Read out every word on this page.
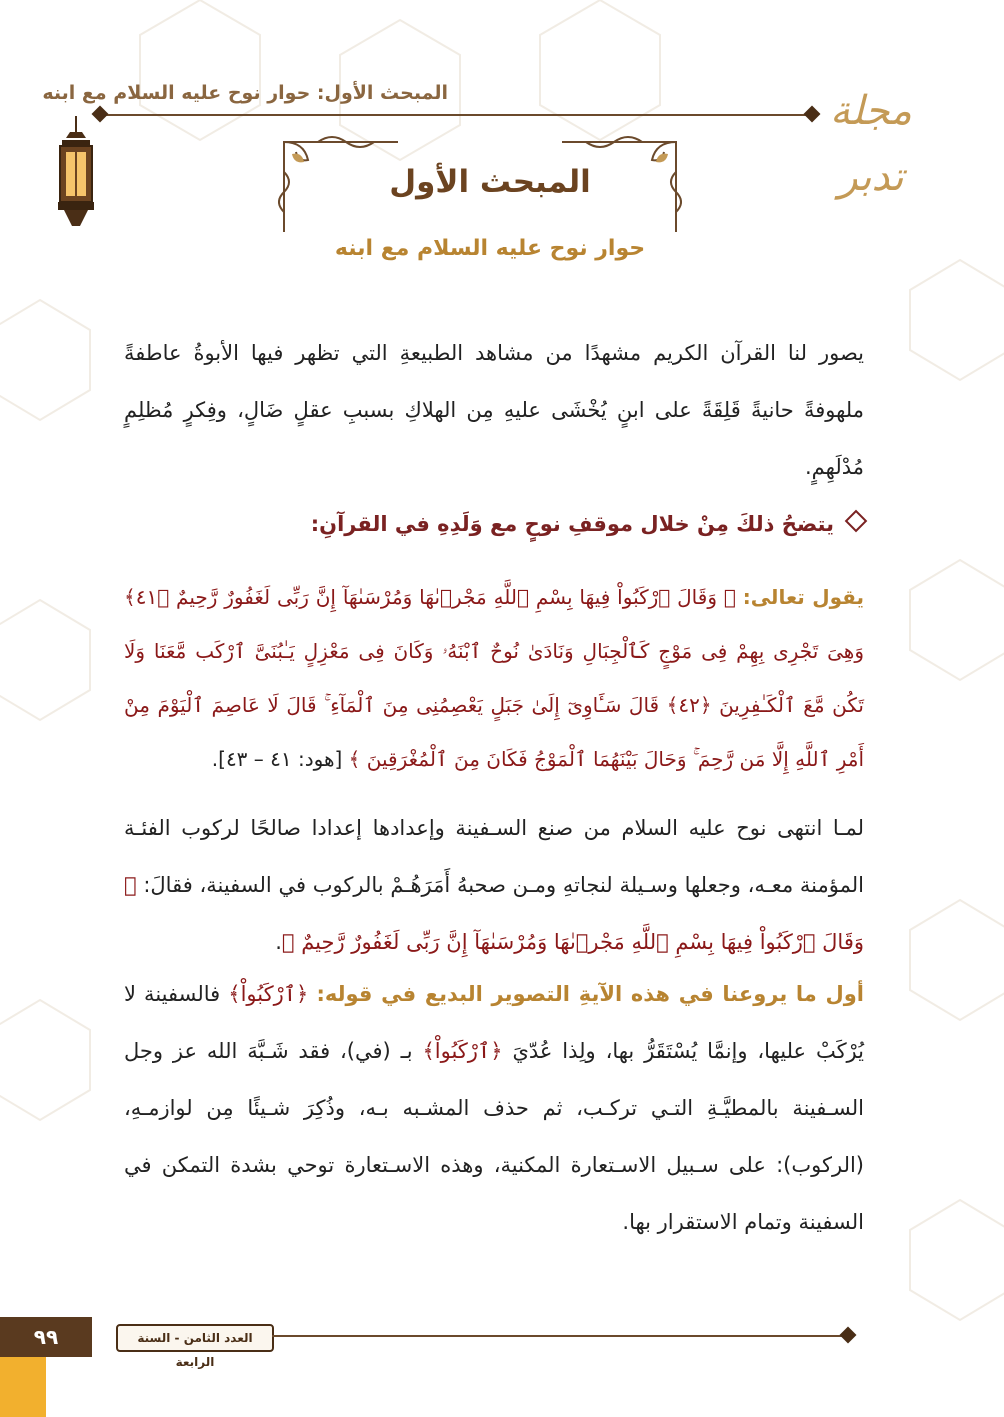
مجلة تدبر
المبحث الأول: حوار نوح عليه السلام مع ابنه
المبحث الأول
حوار نوح عليه السلام مع ابنه

يصور لنا القرآن الكريم مشهدًا من مشاهد الطبيعةِ التي تظهر فيها الأبوةُ عاطفةً ملهوفةً حانيةً قَلِقَةً على ابنٍ يُخْشَى عليهِ مِن الهلاكِ بسببِ عقلٍ ضَالٍ، وفِكرٍ مُظلِمٍ مُدْلَهِمٍ.

يتضحُ ذلكَ مِنْ خلال موقفِ نوحٍ مع وَلَدِهِ في القرآنِ:

يقول تعالى: ﴿ وَقَالَ ٱرْكَبُواْ فِيهَا بِسْمِ ٱللَّهِ مَجْر۪ىٰهَا وَمُرْسَىٰهَآ إِنَّ رَبِّى لَغَفُورٌ رَّحِيمٌ ﴿٤١﴾ وَهِىَ تَجْرِى بِهِمْ فِى مَوْجٍ كَٱلْجِبَالِ وَنَادَىٰ نُوحٌ ٱبْنَهُۥ وَكَانَ فِى مَعْزِلٍ يَـٰبُنَىَّ ٱرْكَب مَّعَنَا وَلَا تَكُن مَّعَ ٱلْكَـٰفِرِينَ ﴿٤٢﴾ قَالَ سَـَٔاوِىٓ إِلَىٰ جَبَلٍ يَعْصِمُنِى مِنَ ٱلْمَآءِ ۚ قَالَ لَا عَاصِمَ ٱلْيَوْمَ مِنْ أَمْرِ ٱللَّهِ إِلَّا مَن رَّحِمَ ۚ وَحَالَ بَيْنَهُمَا ٱلْمَوْجُ فَكَانَ مِنَ ٱلْمُغْرَقِينَ ﴾ [هود: ٤١ – ٤٣].

لمـا انتهى نوح عليه السلام من صنع السـفينة وإعدادها إعدادا صالحًا لركوب الفئـة المؤمنة معـه، وجعلها وسـيلة لنجاتهِ ومـن صحبهُ أَمَرَهُـمْ بالركوب في السفينة، فقالَ: ﴿ وَقَالَ ٱرْكَبُواْ فِيهَا بِسْمِ ٱللَّهِ مَجْر۪ىٰهَا وَمُرْسَىٰهَآ إِنَّ رَبِّى لَغَفُورٌ رَّحِيمٌ ﴾.

أول ما يروعنا في هذه الآيةِ التصوير البديع في قوله: ﴿ٱرْكَبُواْ﴾ فالسفينة لا يُرْكَبْ عليها، وإنمَّا يُسْتَقَرُّ بها، ولِذا عُدّيَ ﴿ٱرْكَبُواْ﴾ بـ (في)، فقد شَـبَّهَ الله عز وجل السـفينة بالمطيَّـةِ التـي تركـب، ثم حذف المشـبه بـه، وذُكِرَ شـيئًا مِن لوازمـهِ، (الركوب): على سـبيل الاسـتعارة المكنية، وهذه الاسـتعارة توحي بشدة التمكن في السفينة وتمام الاستقرار بها.

٩٩	العدد الثامن - السنة الرابعة
